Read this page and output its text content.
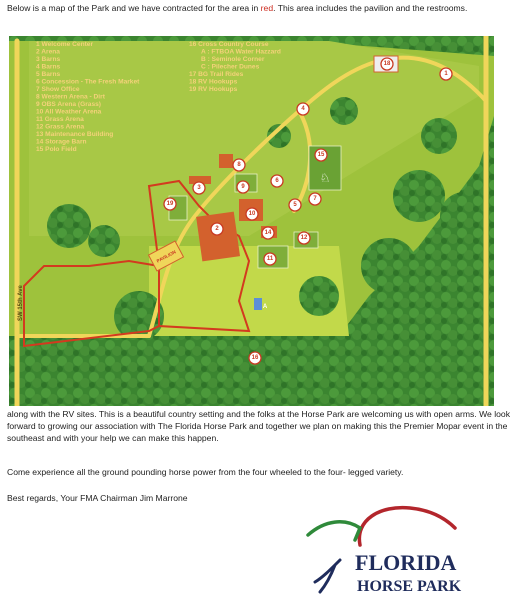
Below is a map of the Park and we have contracted for the area in red. This area includes the pavilion and the restrooms.

PAVILION
1 Welcome Center
2 Arena
3 Barns
4 Barns
5 Barns
6 Concession - The Fresh Market
7 Show Office
8 Western Arena - Dirt
9 OBS Arena (Grass)
10 All Weather Arena
11 Grass Arena
12 Grass Arena
13 Maintenance Building
14 Storage Barn
15 Polo Field
16 Cross Country Course
A : FTBOA Water Hazzard
B : Seminole Corner
C : Pilecher Dunes
17 BG Trail Rides
18 RV Hookups
19 RV Hookups
SW 15th Ave
1
2
3
4
5
6
7
8
9
10
11
12
14
15
16
18
19
A
♘

along with the RV sites. This is a beautiful country setting and the folks at the Horse Park are welcoming us with open arms. We look forward to growing our association with The Florida Horse Park and together we plan on making this the Premier Mopar event in the southeast and with your help we can make this happen.

Come experience all the ground pounding horse power from the four wheeled to the four- legged variety.

Best regards, Your FMA Chairman Jim Marrone

FLORIDA
HORSE PARK
